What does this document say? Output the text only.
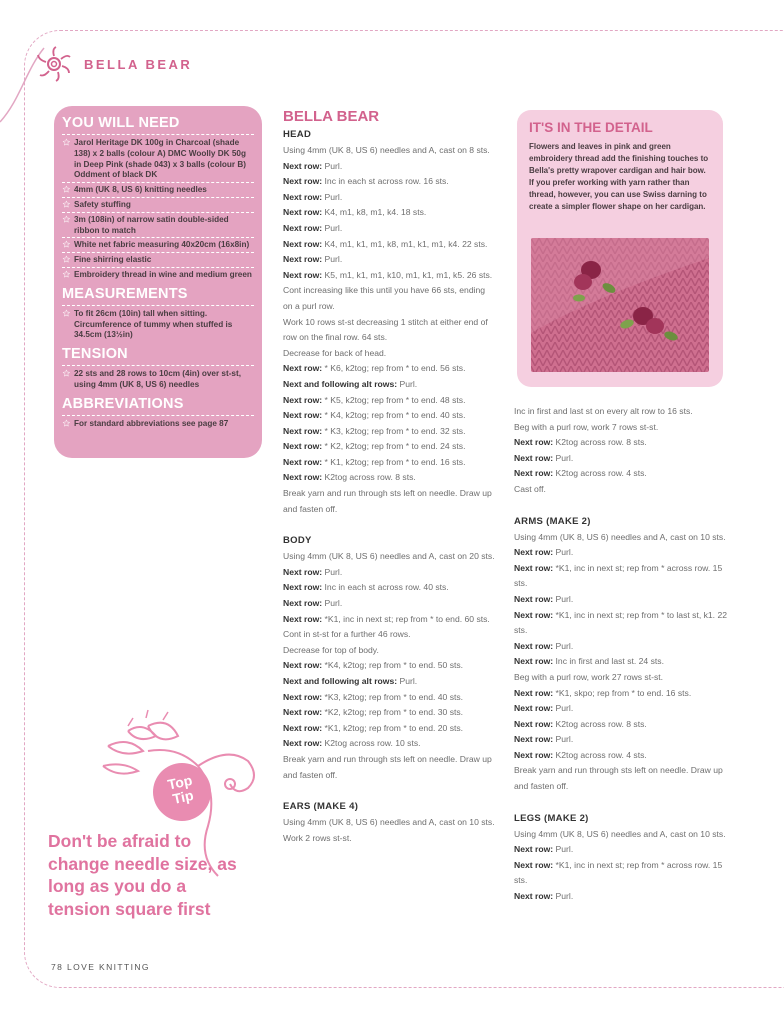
BELLA BEAR
YOU WILL NEED
✩ Jarol Heritage DK 100g in Charcoal (shade 138) x 2 balls (colour A) DMC Woolly DK 50g in Deep Pink (shade 043) x 3 balls (colour B) Oddment of black DK
✩ 4mm (UK 8, US 6) knitting needles
✩ Safety stuffing
✩ 3m (108in) of narrow satin double-sided ribbon to match
✩ White net fabric measuring 40x20cm (16x8in)
✩ Fine shirring elastic
✩ Embroidery thread in wine and medium green
MEASUREMENTS
✩ To fit 26cm (10in) tall when sitting. Circumference of tummy when stuffed is 34.5cm (13½in)
TENSION
✩ 22 sts and 28 rows to 10cm (4in) over st-st, using 4mm (UK 8, US 6) needles
ABBREVIATIONS
✩ For standard abbreviations see page 87
BELLA BEAR
HEAD
Using 4mm (UK 8, US 6) needles and A, cast on 8 sts.
Next row: Purl.
Next row: Inc in each st across row. 16 sts.
Next row: Purl.
Next row: K4, m1, k8, m1, k4. 18 sts.
Next row: Purl.
Next row: K4, m1, k1, m1, k8, m1, k1, m1, k4. 22 sts.
Next row: Purl.
Next row: K5, m1, k1, m1, k10, m1, k1, m1, k5. 26 sts.
Cont increasing like this until you have 66 sts, ending on a purl row.
Work 10 rows st-st decreasing 1 stitch at either end of row on the final row. 64 sts.
Decrease for back of head.
Next row: * K6, k2tog; rep from * to end. 56 sts.
Next and following alt rows: Purl.
Next row: * K5, k2tog; rep from * to end. 48 sts.
Next row: * K4, k2tog; rep from * to end. 40 sts.
Next row: * K3, k2tog; rep from * to end. 32 sts.
Next row: * K2, k2tog; rep from * to end. 24 sts.
Next row: * K1, k2tog; rep from * to end. 16 sts.
Next row: K2tog across row. 8 sts.
Break yarn and run through sts left on needle. Draw up and fasten off.
BODY
Using 4mm (UK 8, US 6) needles and A, cast on 20 sts.
Next row: Purl.
Next row: Inc in each st across row. 40 sts.
Next row: Purl.
Next row: *K1, inc in next st; rep from * to end. 60 sts.
Cont in st-st for a further 46 rows.
Decrease for top of body.
Next row: *K4, k2tog; rep from * to end. 50 sts.
Next and following alt rows: Purl.
Next row: *K3, k2tog; rep from * to end. 40 sts.
Next row: *K2, k2tog; rep from * to end. 30 sts.
Next row: *K1, k2tog; rep from * to end. 20 sts.
Next row: K2tog across row. 10 sts.
Break yarn and run through sts left on needle. Draw up and fasten off.
EARS (MAKE 4)
Using 4mm (UK 8, US 6) needles and A, cast on 10 sts.
Work 2 rows st-st.
IT'S IN THE DETAIL
Flowers and leaves in pink and green embroidery thread add the finishing touches to Bella's pretty wrapover cardigan and hair bow. If you prefer working with yarn rather than thread, however, you can use Swiss darning to create a simpler flower shape on her cardigan.
Inc in first and last st on every alt row to 16 sts.
Beg with a purl row, work 7 rows st-st.
Next row: K2tog across row. 8 sts.
Next row: Purl.
Next row: K2tog across row. 4 sts.
Cast off.
ARMS (MAKE 2)
Using 4mm (UK 8, US 6) needles and A, cast on 10 sts.
Next row: Purl.
Next row: *K1, inc in next st; rep from * across row. 15 sts.
Next row: Purl.
Next row: *K1, inc in next st; rep from * to last st, k1. 22 sts.
Next row: Purl.
Next row: Inc in first and last st. 24 sts.
Beg with a purl row, work 27 rows st-st.
Next row: *K1, skpo; rep from * to end. 16 sts.
Next row: Purl.
Next row: K2tog across row. 8 sts.
Next row: Purl.
Next row: K2tog across row. 4 sts.
Break yarn and run through sts left on needle. Draw up and fasten off.
LEGS (MAKE 2)
Using 4mm (UK 8, US 6) needles and A, cast on 10 sts.
Next row: Purl.
Next row: *K1, inc in next st; rep from * across row. 15 sts.
Next row: Purl.
Top
Tip
Don't be afraid to change needle size, as long as you do a tension square first
78 LOVE KNITTING
